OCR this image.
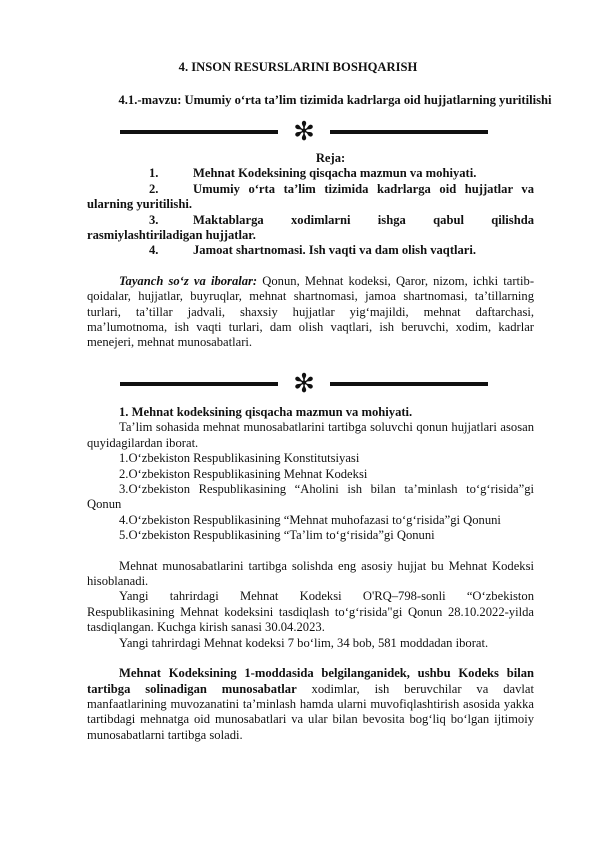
4. INSON RESURSLARINI BOSHQARISH
4.1.-mavzu: Umumiy o‘rta ta’lim tizimida kadrlarga oid hujjatlarning yuritilishi
✻

Reja:

1.	Mehnat Kodeksining qisqacha mazmun va mohiyati.

2.	Umumiy o‘rta ta’lim tizimida kadrlarga oid hujjatlar va ularning yuritilishi.

3.	Maktablarga xodimlarni ishga qabul qilishda rasmiylashtiriladigan hujjatlar.

4.	Jamoat shartnomasi. Ish vaqti va dam olish vaqtlari.

Tayanch so‘z va iboralar: Qonun, Mehnat kodeksi, Qaror, nizom, ichki tartib-qoidalar, hujjatlar, buyruqlar, mehnat shartnomasi, jamoa shartnomasi, ta’tillarning turlari, ta’tillar jadvali, shaxsiy hujjatlar yig‘majildi, mehnat daftarchasi, ma’lumotnoma, ish vaqti turlari, dam olish vaqtlari, ish beruvchi, xodim, kadrlar menejeri, mehnat munosabatlari.

✻

1. Mehnat kodeksining qisqacha mazmun va mohiyati.

Ta’lim sohasida mehnat munosabatlarini tartibga soluvchi qonun hujjatlari asosan quyidagilardan iborat.

1.O‘zbekiston Respublikasining Konstitutsiyasi

2.O‘zbekiston Respublikasining Mehnat Kodeksi

3.O‘zbekiston Respublikasining “Aholini ish bilan ta’minlash to‘g‘risida”gi Qonun

4.O‘zbekiston Respublikasining “Mehnat muhofazasi to‘g‘risida”gi Qonuni

5.O‘zbekiston Respublikasining “Ta’lim to‘g‘risida”gi Qonuni

Mehnat munosabatlarini tartibga solishda eng asosiy hujjat bu Mehnat Kodeksi hisoblanadi.

Yangi tahrirdagi Mehnat Kodeksi O'RQ–798-sonli “O‘zbekiston Respublikasining Mehnat kodeksini tasdiqlash to‘g‘risida"gi Qonun 28.10.2022-yilda tasdiqlangan. Kuchga kirish sanasi 30.04.2023.

Yangi tahrirdagi Mehnat kodeksi 7 bo‘lim, 34 bob, 581 moddadan iborat.

Mehnat Kodeksining 1-moddasida belgilanganidek, ushbu Kodeks bilan tartibga solinadigan munosabatlar xodimlar, ish beruvchilar va davlat manfaatlarining muvozanatini ta’minlash hamda ularni muvofiqlashtirish asosida yakka tartibdagi mehnatga oid munosabatlari va ular bilan bevosita bog‘liq bo‘lgan ijtimoiy munosabatlarni tartibga soladi.
